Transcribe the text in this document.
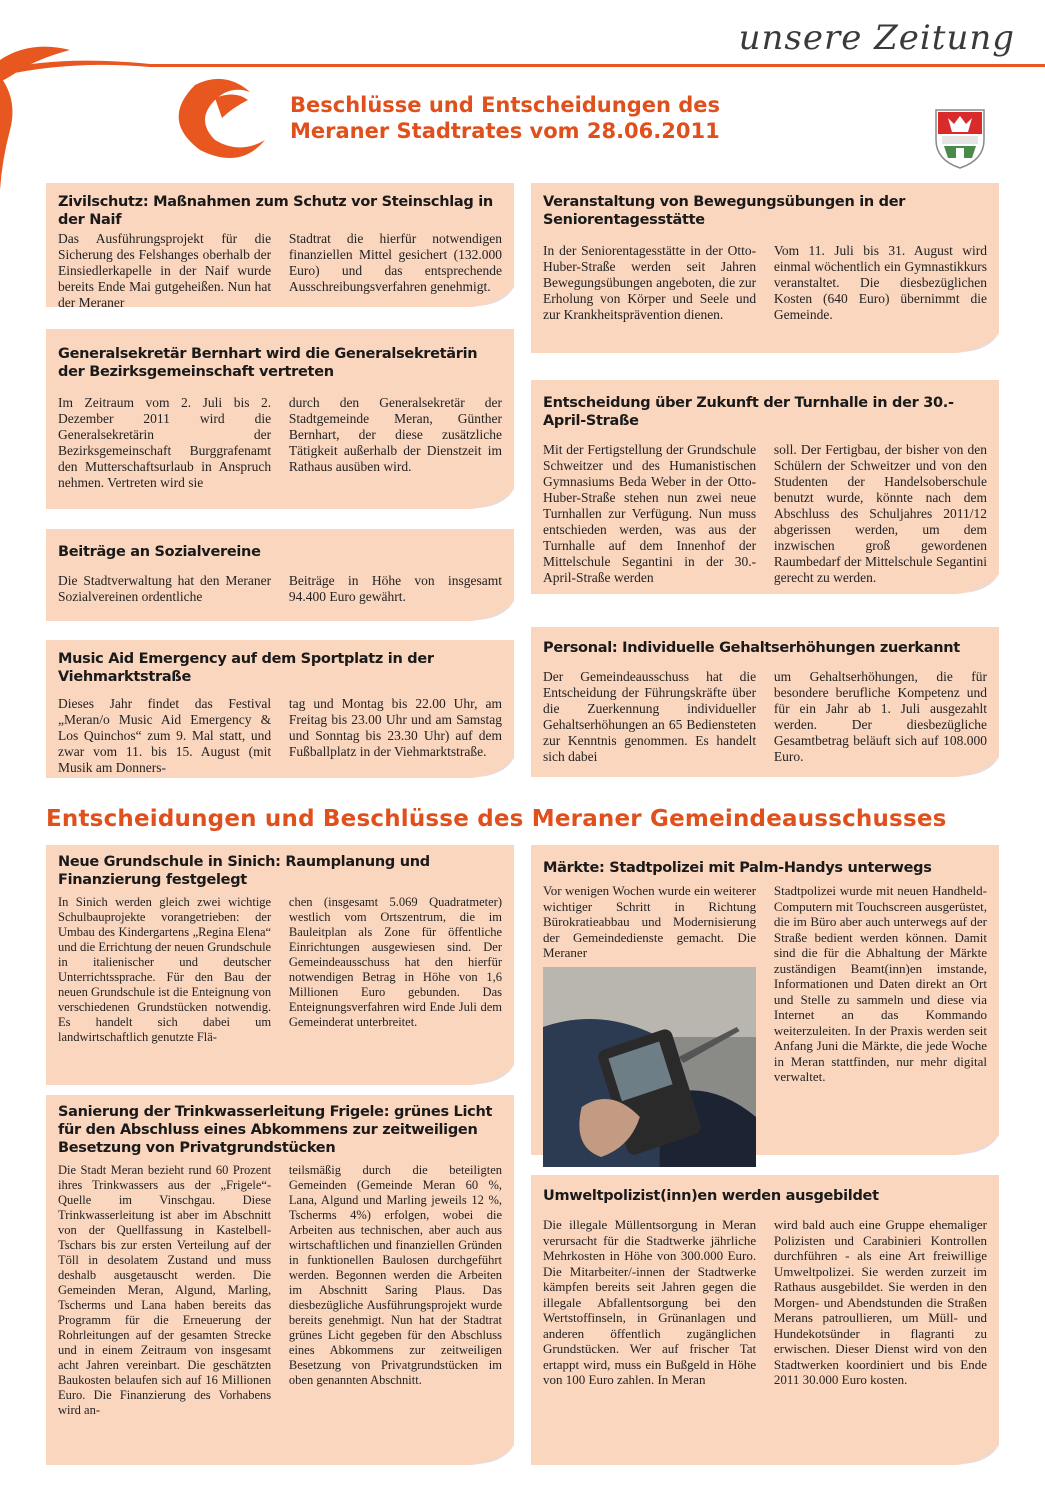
unsere Zeitung
Beschlüsse und Entscheidungen des Meraner Stadtrates vom 28.06.2011
Zivilschutz: Maßnahmen zum Schutz vor Steinschlag in der Naif
Das Ausführungsprojekt für die Sicherung des Felshanges oberhalb der Einsiedlerkapelle in der Naif wurde bereits Ende Mai gutgeheißen. Nun hat der Meraner
Stadtrat die hierfür notwendigen finanziellen Mittel gesichert (132.000 Euro) und das entsprechende Ausschreibungsverfahren genehmigt.
Generalsekretär Bernhart wird die Generalsekretärin der Bezirksgemeinschaft vertreten
Im Zeitraum vom 2. Juli bis 2. Dezember 2011 wird die Generalsekretärin der Bezirksgemeinschaft Burggrafenamt den Mutterschaftsurlaub in Anspruch nehmen. Vertreten wird sie
durch den Generalsekretär der Stadtgemeinde Meran, Günther Bernhart, der diese zusätzliche Tätigkeit außerhalb der Dienstzeit im Rathaus ausüben wird.
Beiträge an Sozialvereine
Die Stadtverwaltung hat den Meraner Sozialvereinen ordentliche
Beiträge in Höhe von insgesamt 94.400 Euro gewährt.
Music Aid Emergency auf dem Sportplatz in der Viehmarktstraße
Dieses Jahr findet das Festival „Meran/o Music Aid Emergency & Los Quinchos“ zum 9. Mal statt, und zwar vom 11. bis 15. August (mit Musik am Donners-
tag und Montag bis 22.00 Uhr, am Freitag bis 23.00 Uhr und am Samstag und Sonntag bis 23.30 Uhr) auf dem Fußballplatz in der Viehmarktstraße.
Veranstaltung von Bewegungsübungen in der Seniorentagesstätte
In der Seniorentagesstätte in der Otto-Huber-Straße werden seit Jahren Bewegungsübungen angeboten, die zur Erholung von Körper und Seele und zur Krankheitsprävention dienen.
Vom 11. Juli bis 31. August wird einmal wöchentlich ein Gymnastikkurs veranstaltet. Die diesbezüglichen Kosten (640 Euro) übernimmt die Gemeinde.
Entscheidung über Zukunft der Turnhalle in der 30.-April-Straße
Mit der Fertigstellung der Grundschule Schweitzer und des Humanistischen Gymnasiums Beda Weber in der Otto-Huber-Straße stehen nun zwei neue Turnhallen zur Verfügung. Nun muss entschieden werden, was aus der Turnhalle auf dem Innenhof der Mittelschule Segantini in der 30.-April-Straße werden
soll. Der Fertigbau, der bisher von den Schülern der Schweitzer und von den Studenten der Handelsoberschule benutzt wurde, könnte nach dem Abschluss des Schuljahres 2011/12 abgerissen werden, um dem inzwischen groß gewordenen Raumbedarf der Mittelschule Segantini gerecht zu werden.
Personal: Individuelle Gehaltserhöhungen zuerkannt
Der Gemeindeausschuss hat die Entscheidung der Führungskräfte über die Zuerkennung individueller Gehaltserhöhungen an 65 Bediensteten zur Kenntnis genommen. Es handelt sich dabei
um Gehaltserhöhungen, die für besondere berufliche Kompetenz und für ein Jahr ab 1. Juli ausgezahlt werden. Der diesbezügliche Gesamtbetrag beläuft sich auf 108.000 Euro.
Entscheidungen und Beschlüsse des Meraner Gemeindeausschusses
Neue Grundschule in Sinich: Raumplanung und Finanzierung festgelegt
In Sinich werden gleich zwei wichtige Schulbauprojekte vorangetrieben: der Umbau des Kindergartens „Regina Elena“ und die Errichtung der neuen Grundschule in italienischer und deutscher Unterrichtssprache. Für den Bau der neuen Grundschule ist die Enteignung von verschiedenen Grundstücken notwendig. Es handelt sich dabei um landwirtschaftlich genutzte Flä-
chen (insgesamt 5.069 Quadratmeter) westlich vom Ortszentrum, die im Bauleitplan als Zone für öffentliche Einrichtungen ausgewiesen sind. Der Gemeindeausschuss hat den hierfür notwendigen Betrag in Höhe von 1,6 Millionen Euro gebunden. Das Enteignungsverfahren wird Ende Juli dem Gemeinderat unterbreitet.
Sanierung der Trinkwasserleitung Frigele: grünes Licht für den Abschluss eines Abkommens zur zeitweiligen Besetzung von Privatgrundstücken
Die Stadt Meran bezieht rund 60 Prozent ihres Trinkwassers aus der „Frigele“-Quelle im Vinschgau. Diese Trinkwasserleitung ist aber im Abschnitt von der Quellfassung in Kastelbell-Tschars bis zur ersten Verteilung auf der Töll in desolatem Zustand und muss deshalb ausgetauscht werden. Die Gemeinden Meran, Algund, Marling, Tscherms und Lana haben bereits das Programm für die Erneuerung der Rohrleitungen auf der gesamten Strecke und in einem Zeitraum von insgesamt acht Jahren vereinbart. Die geschätzten Baukosten belaufen sich auf 16 Millionen Euro. Die Finanzierung des Vorhabens wird an-
teilsmäßig durch die beteiligten Gemeinden (Gemeinde Meran 60 %, Lana, Algund und Marling jeweils 12 %, Tscherms 4%) erfolgen, wobei die Arbeiten aus technischen, aber auch aus wirtschaftlichen und finanziellen Gründen in funktionellen Baulosen durchgeführt werden. Begonnen werden die Arbeiten im Abschnitt Saring Plaus. Das diesbezügliche Ausführungsprojekt wurde bereits genehmigt. Nun hat der Stadtrat grünes Licht gegeben für den Abschluss eines Abkommens zur zeitweiligen Besetzung von Privatgrundstücken im oben genannten Abschnitt.
Märkte: Stadtpolizei mit Palm-Handys unterwegs
Vor wenigen Wochen wurde ein weiterer wichtiger Schritt in Richtung Bürokratieabbau und Modernisierung der Gemeindedienste gemacht. Die Meraner
Stadtpolizei wurde mit neuen Handheld-Computern mit Touchscreen ausgerüstet, die im Büro aber auch unterwegs auf der Straße bedient werden können. Damit sind die für die Abhaltung der Märkte zuständigen Beamt(inn)en imstande, Informationen und Daten direkt an Ort und Stelle zu sammeln und diese via Internet an das Kommando weiterzuleiten. In der Praxis werden seit Anfang Juni die Märkte, die jede Woche in Meran stattfinden, nur mehr digital verwaltet.
Umweltpolizist(inn)en werden ausgebildet
Die illegale Müllentsorgung in Meran verursacht für die Stadtwerke jährliche Mehrkosten in Höhe von 300.000 Euro. Die Mitarbeiter/-innen der Stadtwerke kämpfen bereits seit Jahren gegen die illegale Abfallentsorgung bei den Wertstoffinseln, in Grünanlagen und anderen öffentlich zugänglichen Grundstücken. Wer auf frischer Tat ertappt wird, muss ein Bußgeld in Höhe von 100 Euro zahlen. In Meran
wird bald auch eine Gruppe ehemaliger Polizisten und Carabinieri Kontrollen durchführen - als eine Art freiwillige Umweltpolizei. Sie werden zurzeit im Rathaus ausgebildet. Sie werden in den Morgen- und Abendstunden die Straßen Merans patroullieren, um Müll- und Hundekotsünder in flagranti zu erwischen. Dieser Dienst wird von den Stadtwerken koordiniert und bis Ende 2011 30.000 Euro kosten.
